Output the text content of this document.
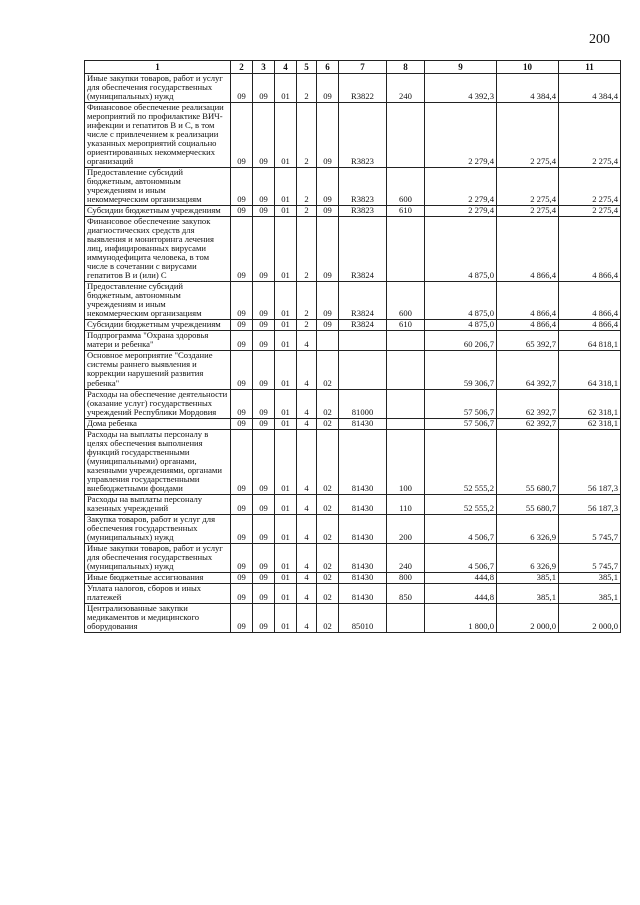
200
1	2	3	4	5	6	7	8	9	10	11
Иные закупки товаров, работ и услуг для обеспечения государственных (муниципальных) нужд	09	09	01	2	09	R3822	240	4 392,3	4 384,4	4 384,4
Финансовое обеспечение реализации мероприятий по профилактике ВИЧ-инфекции и гепатитов В и С, в том числе с привлечением к реализации указанных мероприятий социально ориентированных некоммерческих организаций	09	09	01	2	09	R3823		2 279,4	2 275,4	2 275,4
Предоставление субсидий бюджетным, автономным учреждениям и иным некоммерческим организациям	09	09	01	2	09	R3823	600	2 279,4	2 275,4	2 275,4
Субсидии бюджетным учреждениям	09	09	01	2	09	R3823	610	2 279,4	2 275,4	2 275,4
Финансовое обеспечение закупок диагностических средств для выявления и мониторинга лечения лиц, инфицированных вирусами иммунодефицита человека, в том числе в сочетании с вирусами гепатитов В и (или) С	09	09	01	2	09	R3824		4 875,0	4 866,4	4 866,4
Предоставление субсидий бюджетным, автономным учреждениям и иным некоммерческим организациям	09	09	01	2	09	R3824	600	4 875,0	4 866,4	4 866,4
Субсидии бюджетным учреждениям	09	09	01	2	09	R3824	610	4 875,0	4 866,4	4 866,4
Подпрограмма "Охрана здоровья матери и ребенка"	09	09	01	4				60 206,7	65 392,7	64 818,1
Основное мероприятие "Создание системы раннего выявления и коррекции нарушений развития ребенка"	09	09	01	4	02			59 306,7	64 392,7	64 318,1
Расходы на обеспечение деятельности (оказание услуг) государственных учреждений Республики Мордовия	09	09	01	4	02	81000		57 506,7	62 392,7	62 318,1
Дома ребенка	09	09	01	4	02	81430		57 506,7	62 392,7	62 318,1
Расходы на выплаты персоналу в целях обеспечения выполнения функций государственными (муниципальными) органами, казенными учреждениями, органами управления государственными внебюджетными фондами	09	09	01	4	02	81430	100	52 555,2	55 680,7	56 187,3
Расходы на выплаты персоналу казенных учреждений	09	09	01	4	02	81430	110	52 555,2	55 680,7	56 187,3
Закупка товаров, работ и услуг для обеспечения государственных (муниципальных) нужд	09	09	01	4	02	81430	200	4 506,7	6 326,9	5 745,7
Иные закупки товаров, работ и услуг для обеспечения государственных (муниципальных) нужд	09	09	01	4	02	81430	240	4 506,7	6 326,9	5 745,7
Иные бюджетные ассигнования	09	09	01	4	02	81430	800	444,8	385,1	385,1
Уплата налогов, сборов и иных платежей	09	09	01	4	02	81430	850	444,8	385,1	385,1
Централизованные закупки медикаментов и медицинского оборудования	09	09	01	4	02	85010		1 800,0	2 000,0	2 000,0
